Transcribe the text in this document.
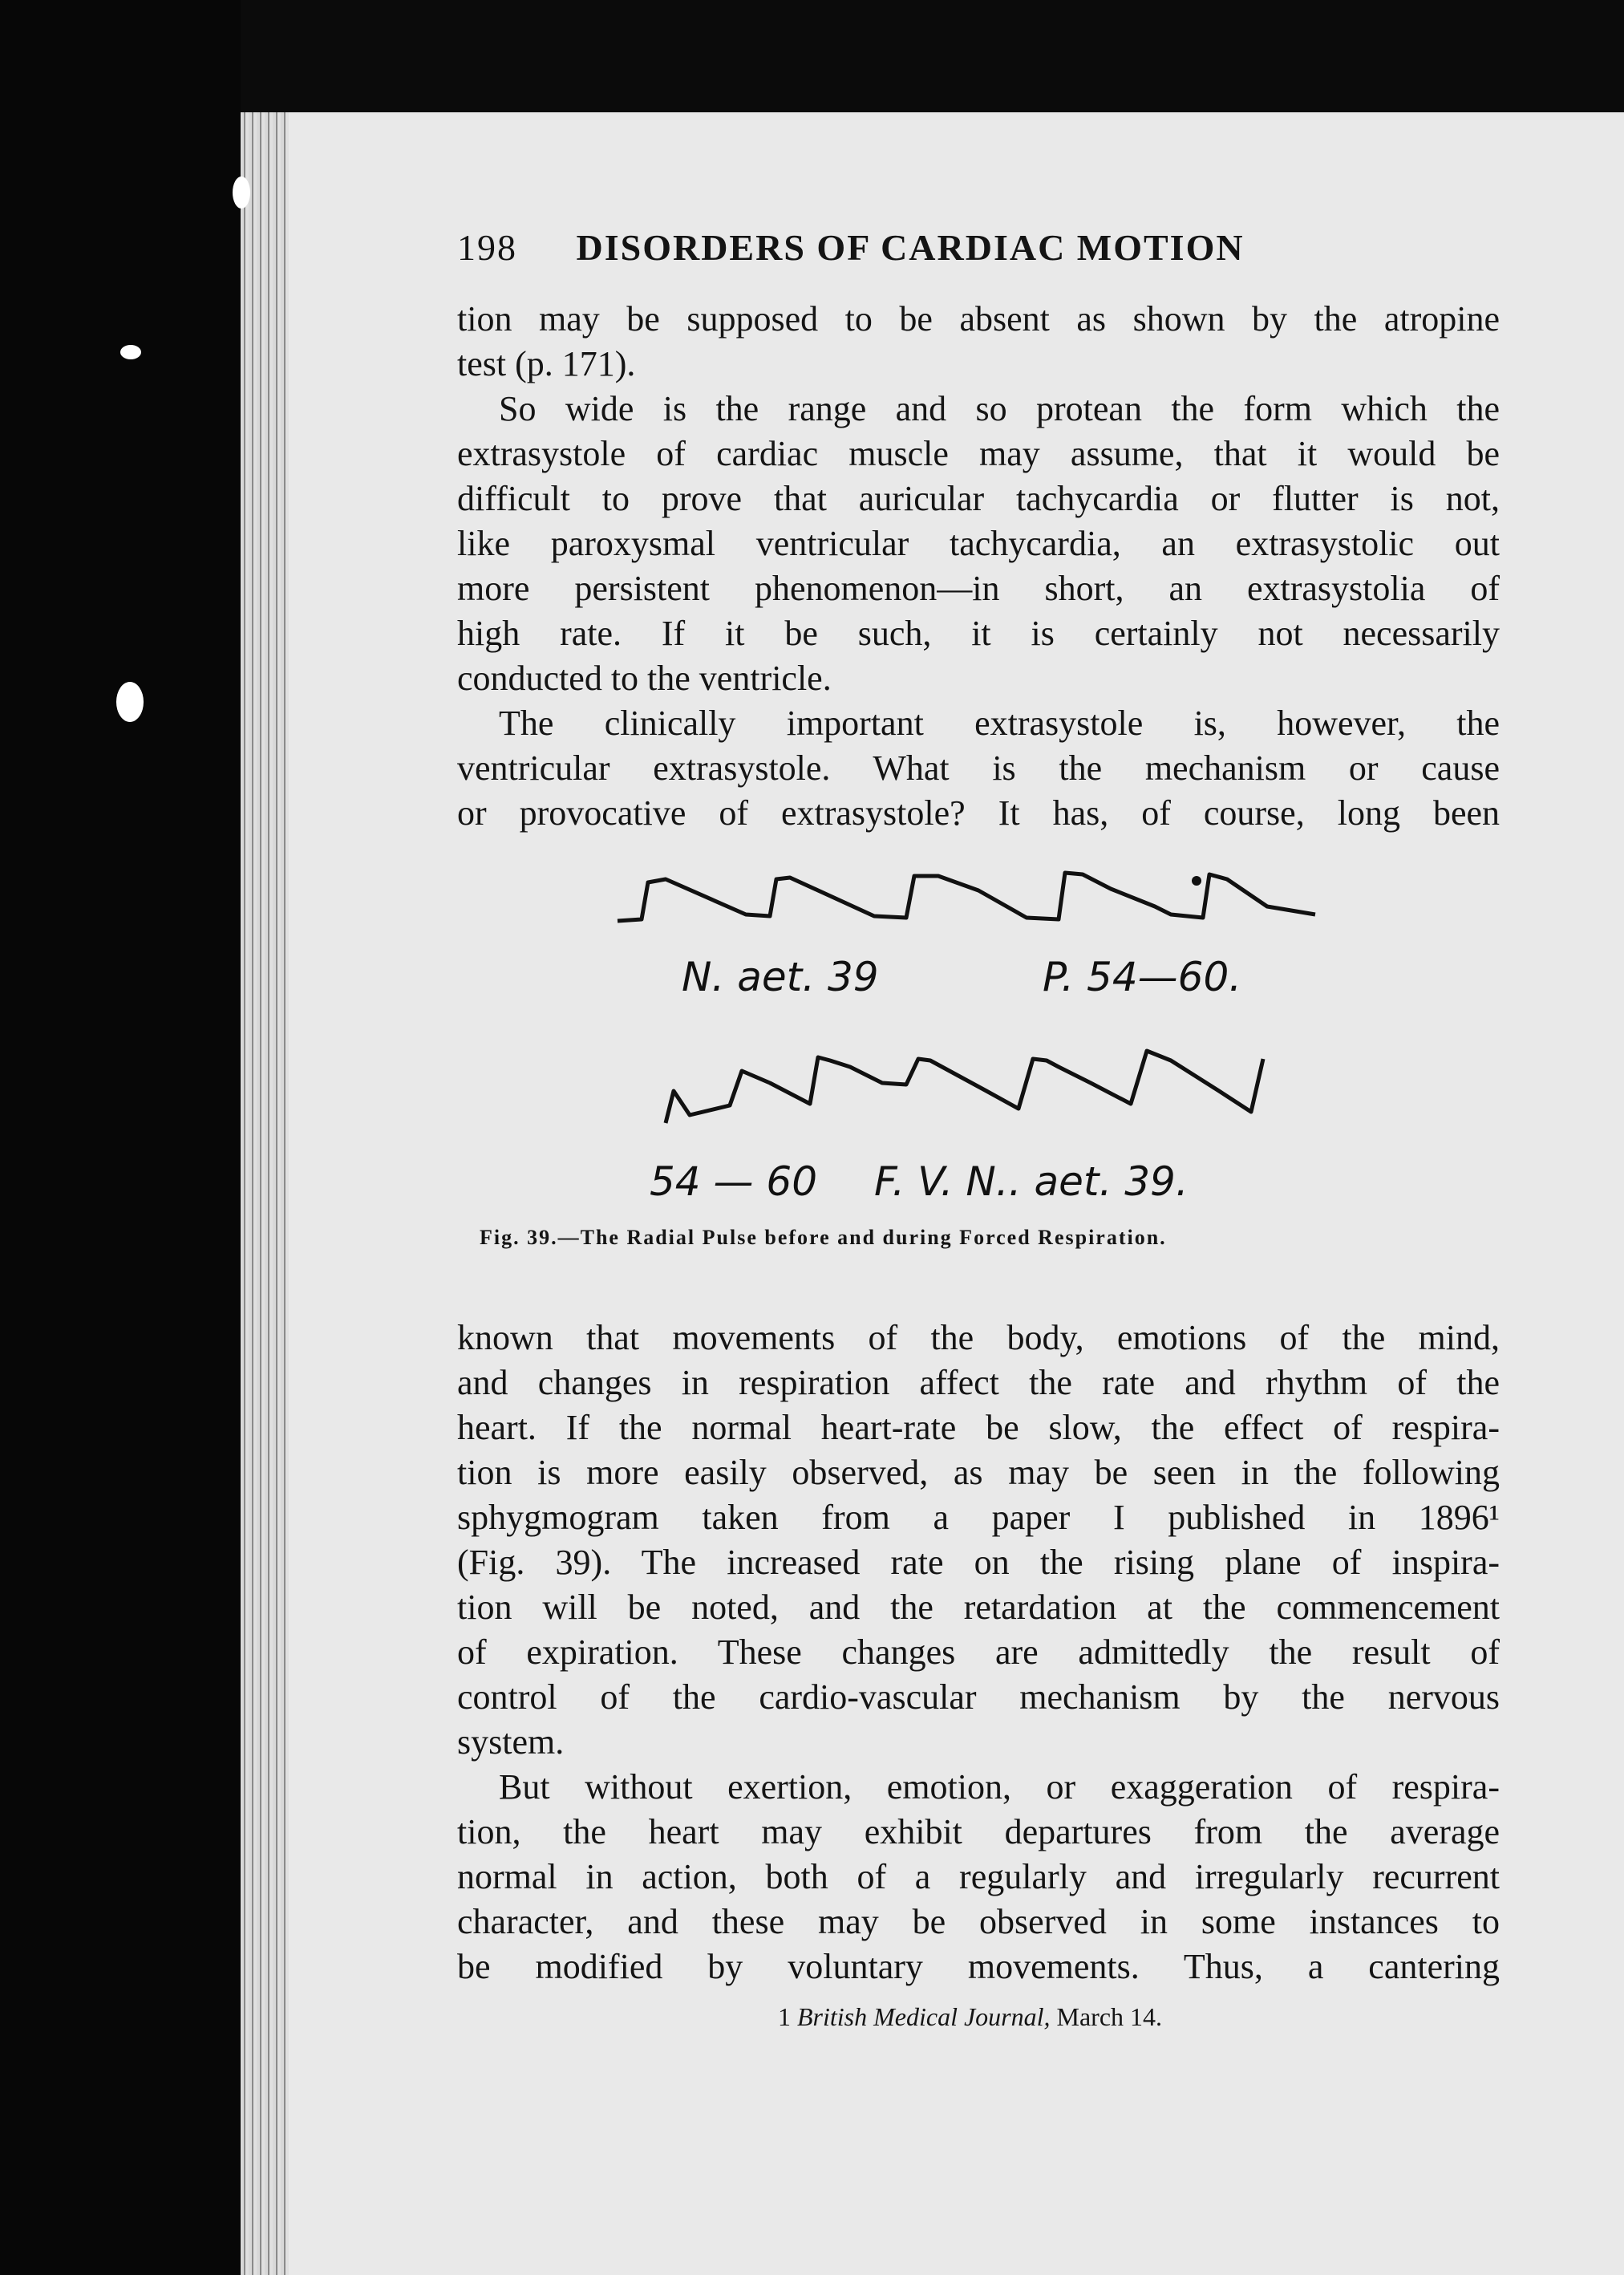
198 DISORDERS OF CARDIAC MOTION
tion may be supposed to be absent as shown by the atropine
test (p. 171).
So wide is the range and so protean the form which the
extrasystole of cardiac muscle may assume, that it would be
difficult to prove that auricular tachycardia or flutter is not,
like paroxysmal ventricular tachycardia, an extrasystolic out
more persistent phenomenon—in short, an extrasystolia of
high rate. If it be such, it is certainly not necessarily
conducted to the ventricle.
The clinically important extrasystole is, however, the
ventricular extrasystole. What is the mechanism or cause
or provocative of extrasystole? It has, of course, long been
N. aet. 39	P. 54—60.
54 — 60 F. V. N.. aet. 39.
Fig. 39.—The Radial Pulse before and during Forced Respiration.
known that movements of the body, emotions of the mind,
and changes in respiration affect the rate and rhythm of the
heart. If the normal heart-rate be slow, the effect of respira-
tion is more easily observed, as may be seen in the following
sphygmogram taken from a paper I published in 1896¹
(Fig. 39). The increased rate on the rising plane of inspira-
tion will be noted, and the retardation at the commencement
of expiration. These changes are admittedly the result of
control of the cardio-vascular mechanism by the nervous
system.
But without exertion, emotion, or exaggeration of respira-
tion, the heart may exhibit departures from the average
normal in action, both of a regularly and irregularly recurrent
character, and these may be observed in some instances to
be modified by voluntary movements. Thus, a cantering
1 British Medical Journal, March 14.
